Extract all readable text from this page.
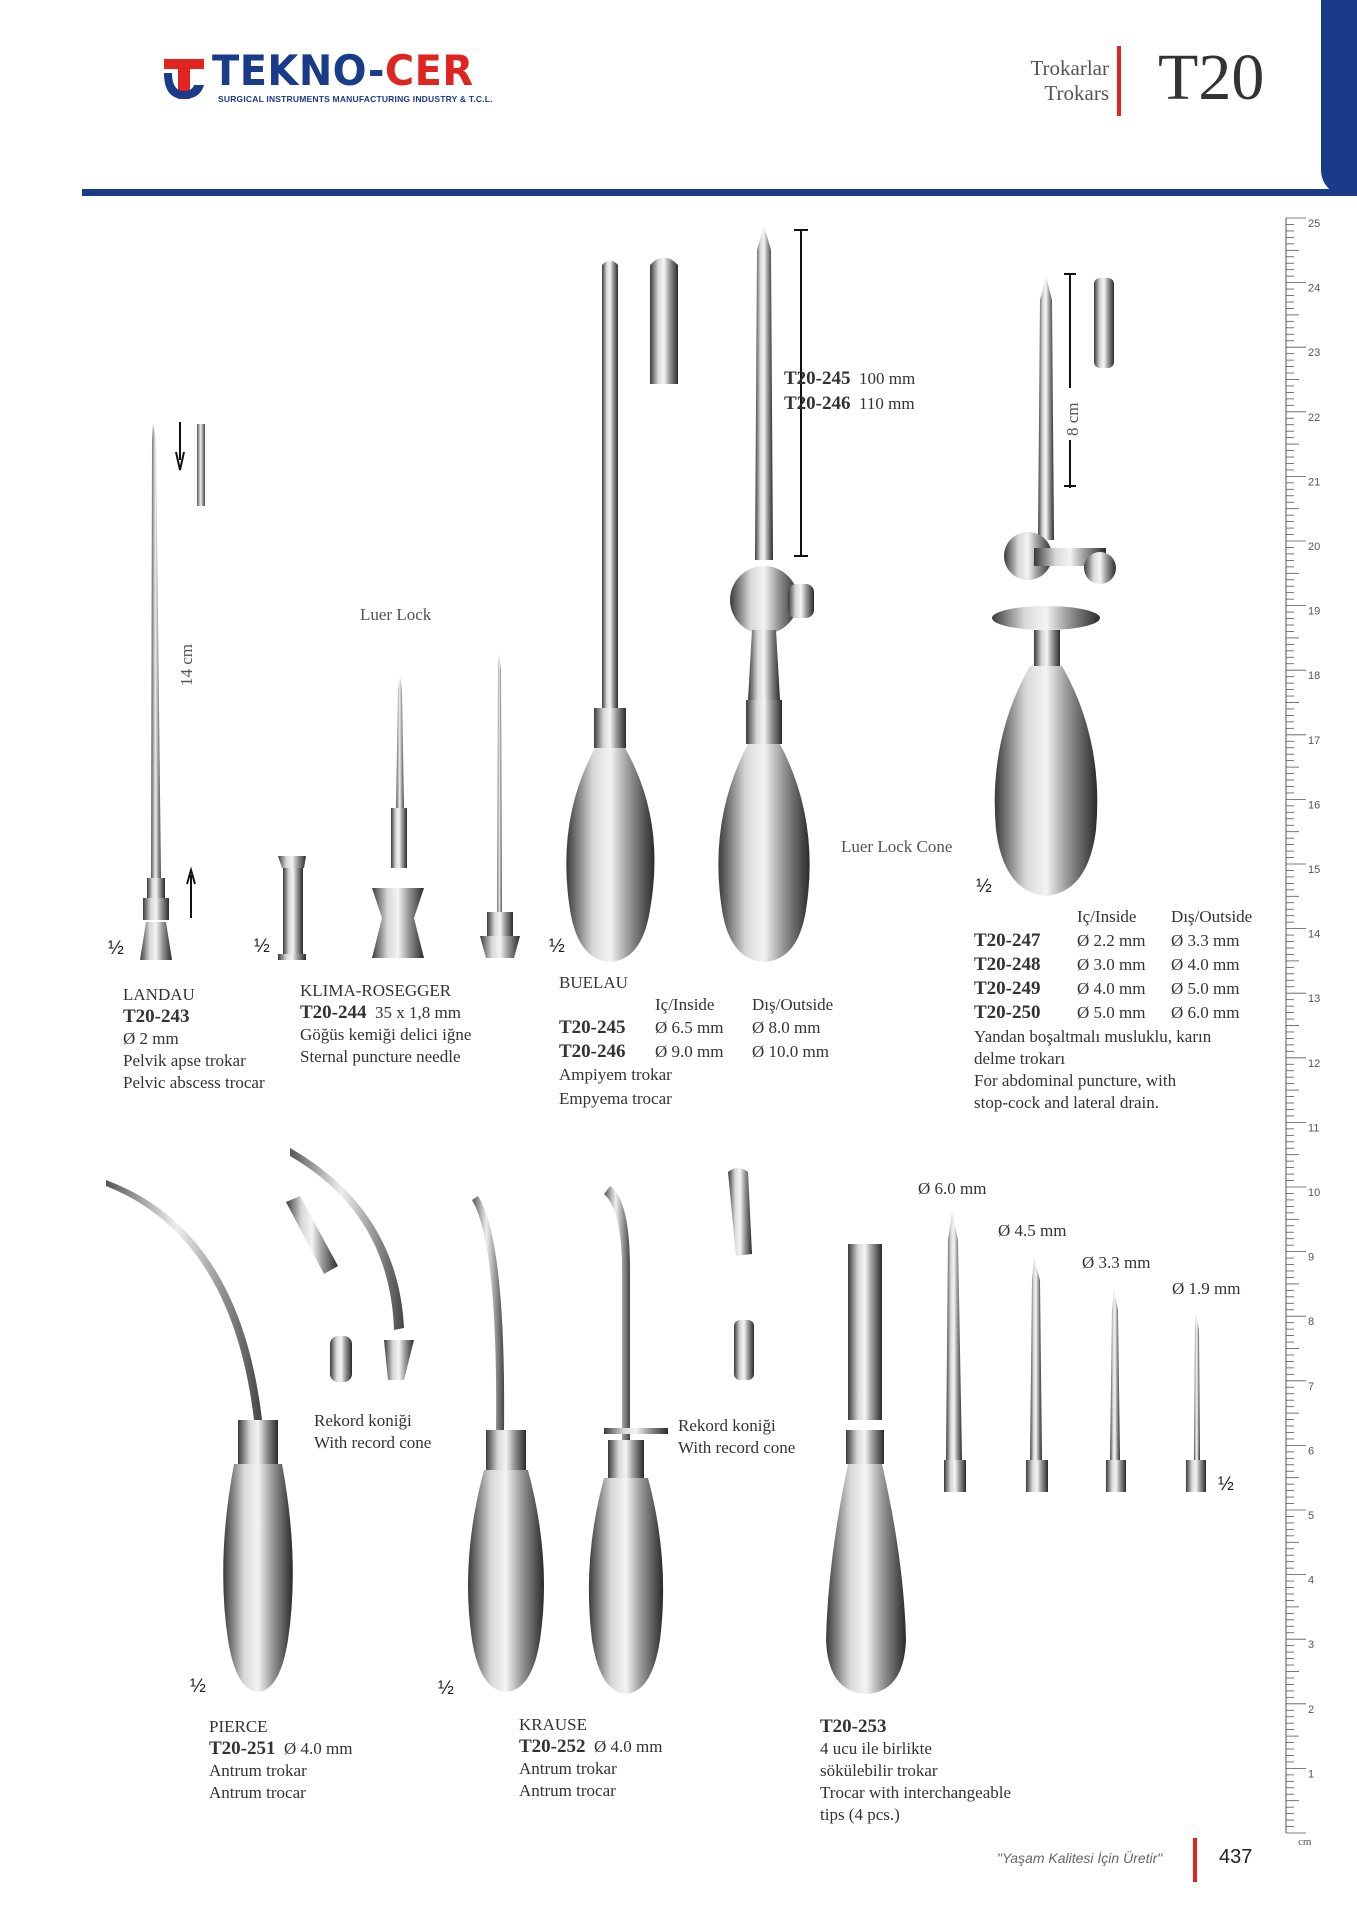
TEKNO-CER
SURGICAL INSTRUMENTS MANUFACTURING INDUSTRY & T.C.L.
Trokarlar
Trokars T20
25
24
23
22
21
20
19
18
17
16
15
14
13
12
11
10
9
8
7
6
5
4
3
2
1
cm
Luer Lock
Luer Lock Cone
14 cm
8 cm
T20-245 100 mm
T20-246 110 mm
½	½	½
½
½	½
½
LANDAU
T20-243
Ø 2 mm
Pelvik apse trokar
Pelvic abscess trocar
KLIMA-ROSEGGER
T20-244 35 x 1,8 mm
Göğüs kemiği delici iğne
Sternal puncture needle
BUELAU
Iç/Inside Dış/Outside
T20-245 Ø 6.5 mm Ø 8.0 mm
T20-246 Ø 9.0 mm Ø 10.0 mm
Ampiyem trokar
Empyema trocar
Iç/Inside Dış/Outside
T20-247 Ø 2.2 mm Ø 3.3 mm
T20-248 Ø 3.0 mm Ø 4.0 mm
T20-249 Ø 4.0 mm Ø 5.0 mm
T20-250 Ø 5.0 mm Ø 6.0 mm
Yandan boşaltmalı musluklu, karın
delme trokarı
For abdominal puncture, with
stop-cock and lateral drain.
Rekord koniği
With record cone
Rekord koniği
With record cone
PIERCE
T20-251 Ø 4.0 mm
Antrum trokar
Antrum trocar
KRAUSE
T20-252 Ø 4.0 mm
Antrum trokar
Antrum trocar
Ø 6.0 mm
Ø 4.5 mm
Ø 3.3 mm
Ø 1.9 mm
T20-253
4 ucu ile birlikte
sökülebilir trokar
Trocar with interchangeable
tips (4 pcs.)
"Yaşam Kalitesi İçin Üretir"	437
